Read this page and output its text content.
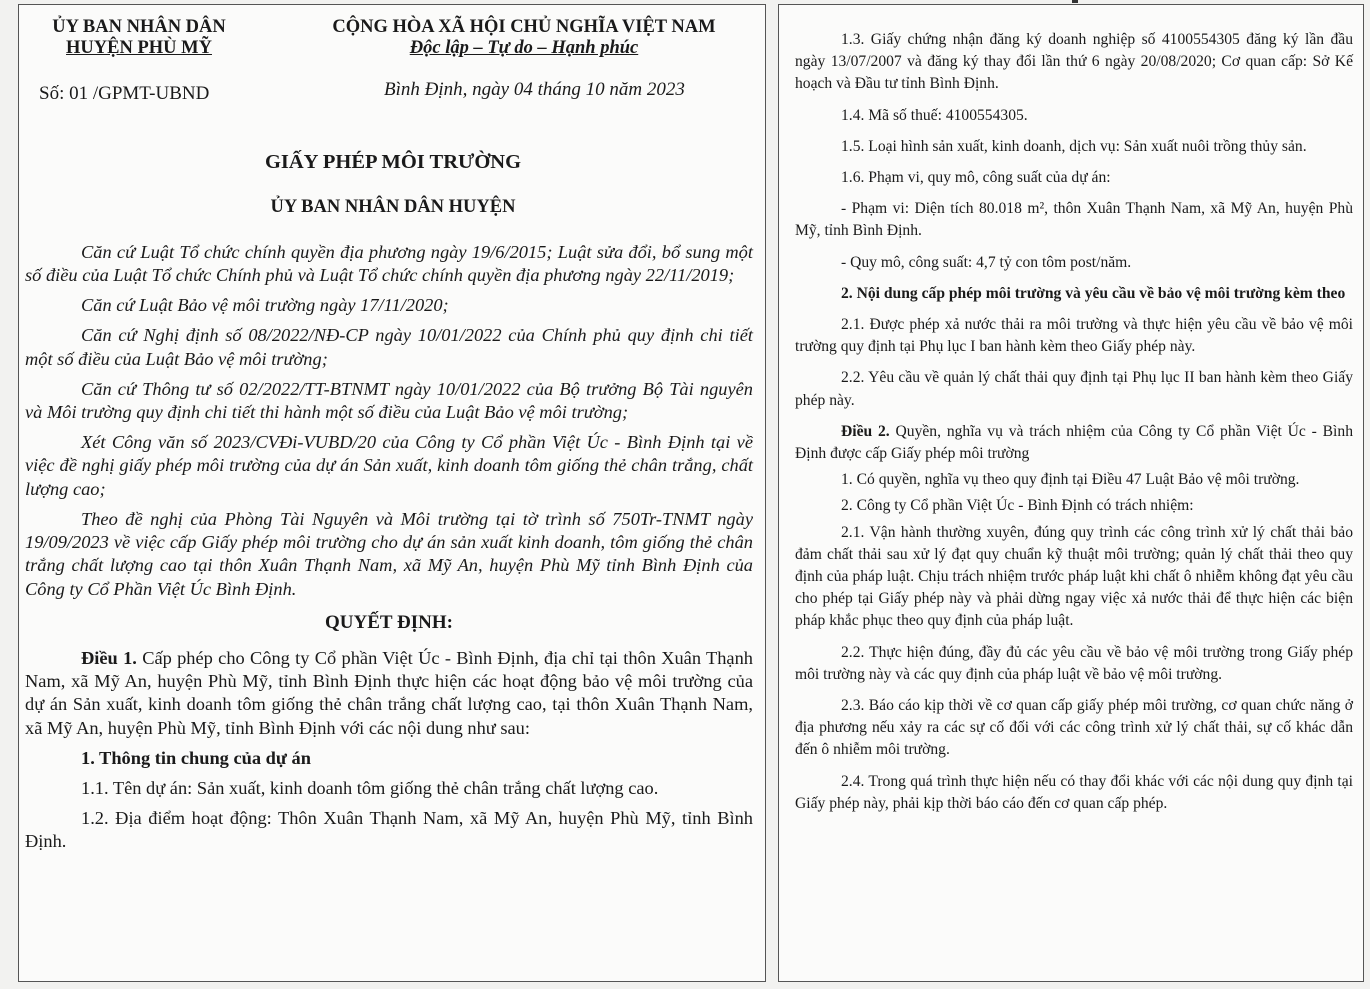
ỦY BAN NHÂN DÂN
HUYỆN PHÙ MỸ
CỘNG HÒA XÃ HỘI CHỦ NGHĨA VIỆT NAM
Độc lập – Tự do – Hạnh phúc
Số: 01 /GPMT-UBND	Bình Định, ngày 04 tháng 10 năm 2023
GIẤY PHÉP MÔI TRƯỜNG
ỦY BAN NHÂN DÂN HUYỆN

Căn cứ Luật Tổ chức chính quyền địa phương ngày 19/6/2015; Luật sửa đổi, bổ sung một số điều của Luật Tổ chức Chính phủ và Luật Tổ chức chính quyền địa phương ngày 22/11/2019;

Căn cứ Luật Bảo vệ môi trường ngày 17/11/2020;

Căn cứ Nghị định số 08/2022/NĐ-CP ngày 10/01/2022 của Chính phủ quy định chi tiết một số điều của Luật Bảo vệ môi trường;

Căn cứ Thông tư số 02/2022/TT-BTNMT ngày 10/01/2022 của Bộ trưởng Bộ Tài nguyên và Môi trường quy định chi tiết thi hành một số điều của Luật Bảo vệ môi trường;

Xét Công văn số 2023/CVĐi-VUBD/20 của Công ty Cổ phần Việt Úc - Bình Định tại về việc đề nghị giấy phép môi trường của dự án Sản xuất, kinh doanh tôm giống thẻ chân trắng, chất lượng cao;

Theo đề nghị của Phòng Tài Nguyên và Môi trường tại tờ trình số 750Tr-TNMT ngày 19/09/2023 về việc cấp Giấy phép môi trường cho dự án sản xuất kinh doanh, tôm giống thẻ chân trắng chất lượng cao tại thôn Xuân Thạnh Nam, xã Mỹ An, huyện Phù Mỹ tỉnh Bình Định của Công ty Cổ Phần Việt Úc Bình Định.

QUYẾT ĐỊNH:

Điều 1. Cấp phép cho Công ty Cổ phần Việt Úc - Bình Định, địa chỉ tại thôn Xuân Thạnh Nam, xã Mỹ An, huyện Phù Mỹ, tỉnh Bình Định thực hiện các hoạt động bảo vệ môi trường của dự án Sản xuất, kinh doanh tôm giống thẻ chân trắng chất lượng cao, tại thôn Xuân Thạnh Nam, xã Mỹ An, huyện Phù Mỹ, tỉnh Bình Định với các nội dung như sau:

1. Thông tin chung của dự án

1.1. Tên dự án: Sản xuất, kinh doanh tôm giống thẻ chân trắng chất lượng cao.

1.2. Địa điểm hoạt động: Thôn Xuân Thạnh Nam, xã Mỹ An, huyện Phù Mỹ, tỉnh Bình Định.

1.3. Giấy chứng nhận đăng ký doanh nghiệp số 4100554305 đăng ký lần đầu ngày 13/07/2007 và đăng ký thay đổi lần thứ 6 ngày 20/08/2020; Cơ quan cấp: Sở Kế hoạch và Đầu tư tỉnh Bình Định.

1.4. Mã số thuế: 4100554305.

1.5. Loại hình sản xuất, kinh doanh, dịch vụ: Sản xuất nuôi trồng thủy sản.

1.6. Phạm vi, quy mô, công suất của dự án:

- Phạm vi: Diện tích 80.018 m², thôn Xuân Thạnh Nam, xã Mỹ An, huyện Phù Mỹ, tỉnh Bình Định.

- Quy mô, công suất: 4,7 tỷ con tôm post/năm.

2. Nội dung cấp phép môi trường và yêu cầu về bảo vệ môi trường kèm theo

2.1. Được phép xả nước thải ra môi trường và thực hiện yêu cầu về bảo vệ môi trường quy định tại Phụ lục I ban hành kèm theo Giấy phép này.

2.2. Yêu cầu về quản lý chất thải quy định tại Phụ lục II ban hành kèm theo Giấy phép này.

Điều 2. Quyền, nghĩa vụ và trách nhiệm của Công ty Cổ phần Việt Úc - Bình Định được cấp Giấy phép môi trường

1. Có quyền, nghĩa vụ theo quy định tại Điều 47 Luật Bảo vệ môi trường.

2. Công ty Cổ phần Việt Úc - Bình Định có trách nhiệm:

2.1. Vận hành thường xuyên, đúng quy trình các công trình xử lý chất thải bảo đảm chất thải sau xử lý đạt quy chuẩn kỹ thuật môi trường; quản lý chất thải theo quy định của pháp luật. Chịu trách nhiệm trước pháp luật khi chất ô nhiễm không đạt yêu cầu cho phép tại Giấy phép này và phải dừng ngay việc xả nước thải để thực hiện các biện pháp khắc phục theo quy định của pháp luật.

2.2. Thực hiện đúng, đầy đủ các yêu cầu về bảo vệ môi trường trong Giấy phép môi trường này và các quy định của pháp luật về bảo vệ môi trường.

2.3. Báo cáo kịp thời về cơ quan cấp giấy phép môi trường, cơ quan chức năng ở địa phương nếu xảy ra các sự cố đối với các công trình xử lý chất thải, sự cố khác dẫn đến ô nhiễm môi trường.

2.4. Trong quá trình thực hiện nếu có thay đổi khác với các nội dung quy định tại Giấy phép này, phải kịp thời báo cáo đến cơ quan cấp phép.
